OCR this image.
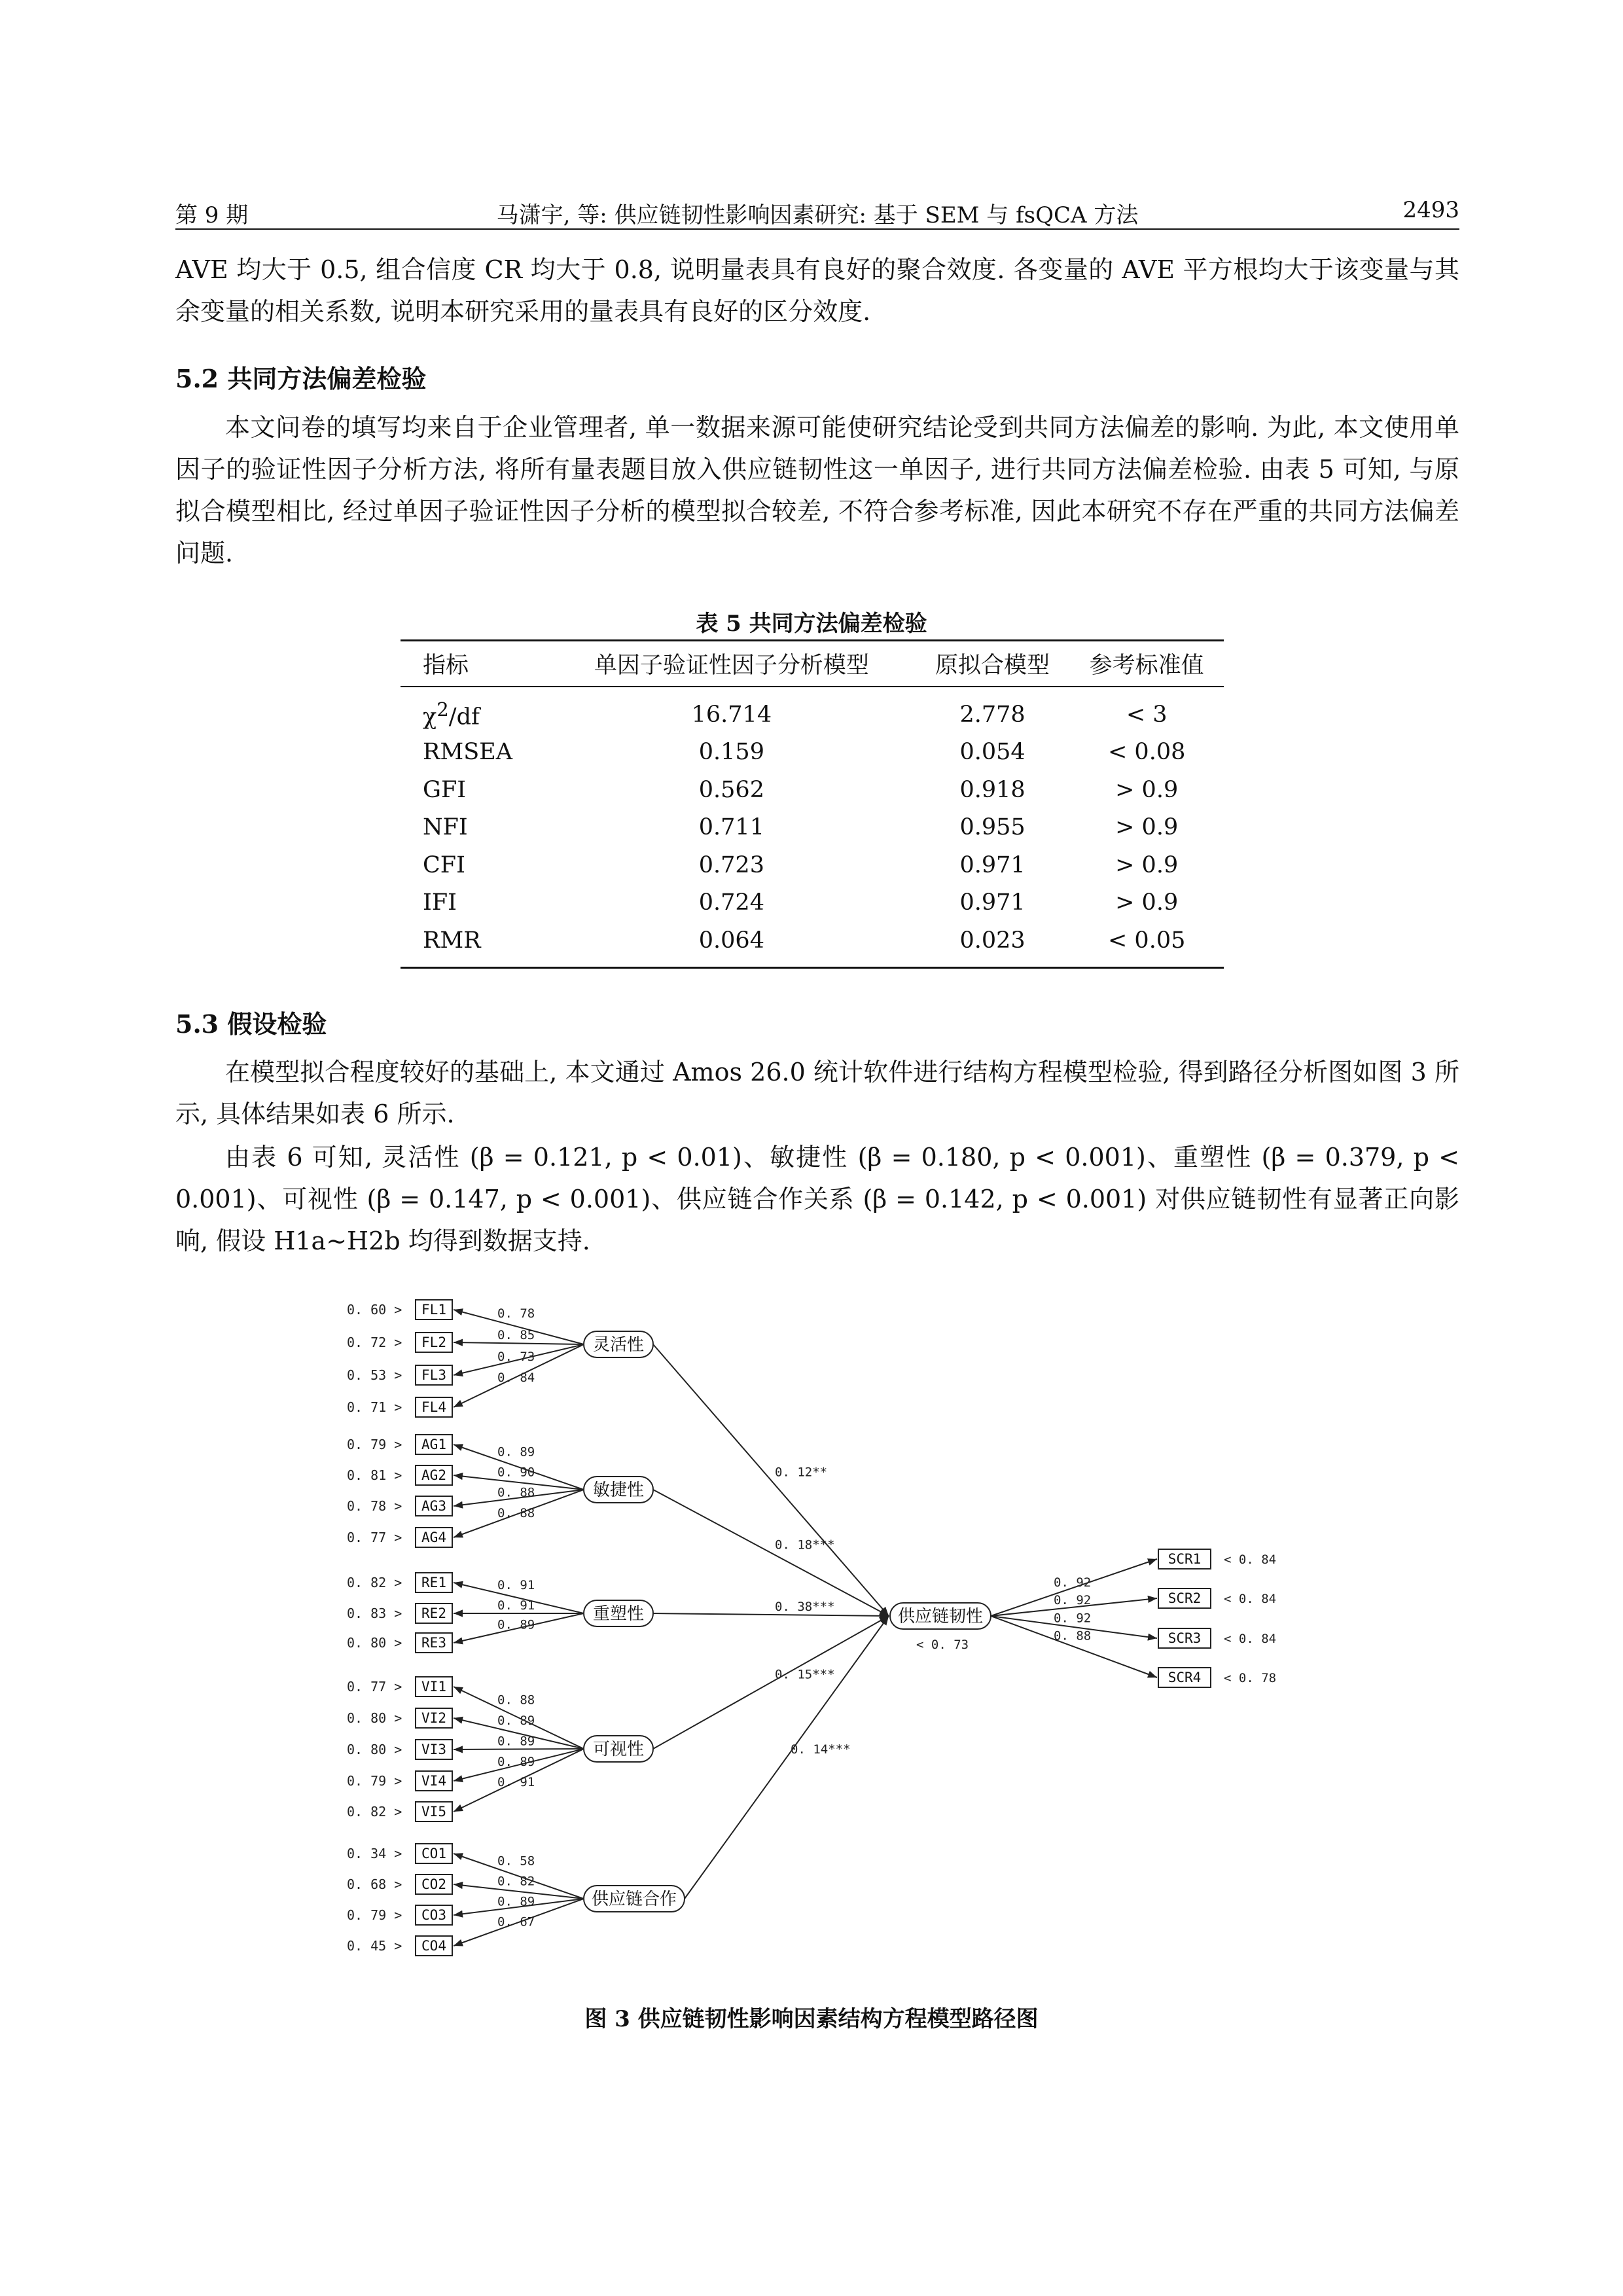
第 9 期	马潇宇, 等: 供应链韧性影响因素研究: 基于 SEM 与 fsQCA 方法	2493

AVE 均大于 0.5, 组合信度 CR 均大于 0.8, 说明量表具有良好的聚合效度. 各变量的 AVE 平方根均大于该变量与其余变量的相关系数, 说明本研究采用的量表具有良好的区分效度.

5.2 共同方法偏差检验

本文问卷的填写均来自于企业管理者, 单一数据来源可能使研究结论受到共同方法偏差的影响. 为此, 本文使用单因子的验证性因子分析方法, 将所有量表题目放入供应链韧性这一单因子, 进行共同方法偏差检验. 由表 5 可知, 与原拟合模型相比, 经过单因子验证性因子分析的模型拟合较差, 不符合参考标准, 因此本研究不存在严重的共同方法偏差问题.

表 5 共同方法偏差检验
指标	单因子验证性因子分析模型	原拟合模型	参考标准值
$\chi^2/df$	16.714	2.778	< 3
RMSEA	0.159	0.054	< 0.08
GFI	0.562	0.918	> 0.9
NFI	0.711	0.955	> 0.9
CFI	0.723	0.971	> 0.9
IFI	0.724	0.971	> 0.9
RMR	0.064	0.023	< 0.05
5.3 假设检验

在模型拟合程度较好的基础上, 本文通过 Amos 26.0 统计软件进行结构方程模型检验, 得到路径分析图如图 3 所示, 具体结果如表 6 所示.

由表 6 可知, 灵活性 (β = 0.121, p < 0.01)、敏捷性 (β = 0.180, p < 0.001)、重塑性 (β = 0.379, p < 0.001)、可视性 (β = 0.147, p < 0.001)、供应链合作关系 (β = 0.142, p < 0.001) 对供应链韧性有显著正向影响, 假设 H1a∼H2b 均得到数据支持.

0. 60 > FL1	0. 78
0. 72 > FL2	0. 85
0. 53 > FL3
0. 73
0. 71 > FL4
0. 84
灵活性
0. 12**
0. 79 > AG1	0. 89
0. 81 > AG2	0. 90
0. 78 > AG3
0. 88
0. 77 > AG4
0. 88
敏捷性
0. 18***
0. 82 > RE1	0. 91
0. 83 > RE2	0. 91
0. 80 > RE3
0. 89
重塑性	0. 38***
0. 77 > VI1
0. 88
0. 80 > VI2	0. 89
0. 80 > VI3
0. 89
0. 79 > VI4
0. 89
0. 82 > VI5
0. 91
可视性
0. 15***
0. 34 > CO1	0. 58
0. 68 > CO2	0. 82
0. 79 > CO3
0. 89
0. 45 > CO4
0. 67
供应链合作
0. 14***
供应链韧性
< 0. 73
0. 92
SCR1 < 0. 84
0. 92	SCR2 < 0. 84
0. 92
SCR3 < 0. 84
0. 88
SCR4 < 0. 78
图 3 供应链韧性影响因素结构方程模型路径图
